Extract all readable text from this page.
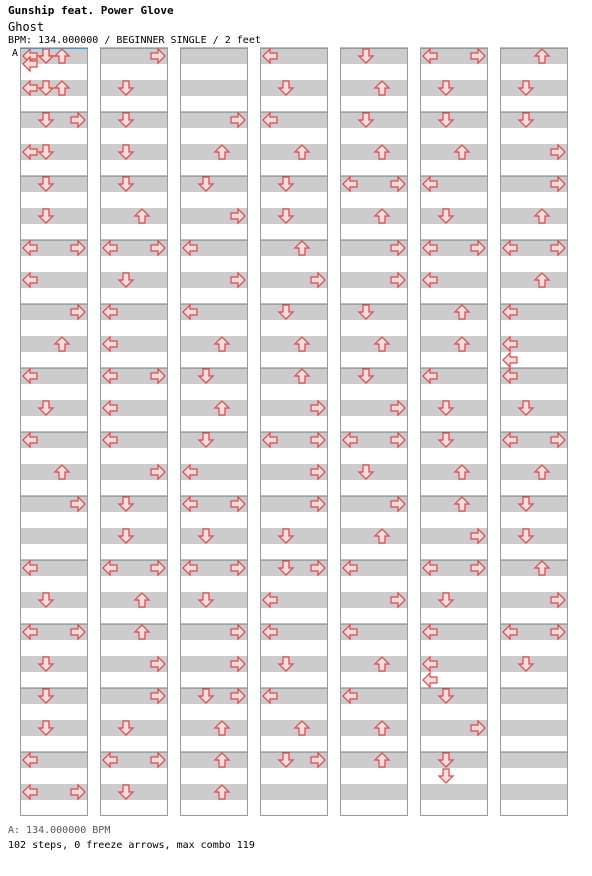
Gunship feat. Power Glove
Ghost
BPM: 134.000000 / BEGINNER SINGLE / 2 feet
A
A: 134.000000 BPM
102 steps, 0 freeze arrows, max combo 119
